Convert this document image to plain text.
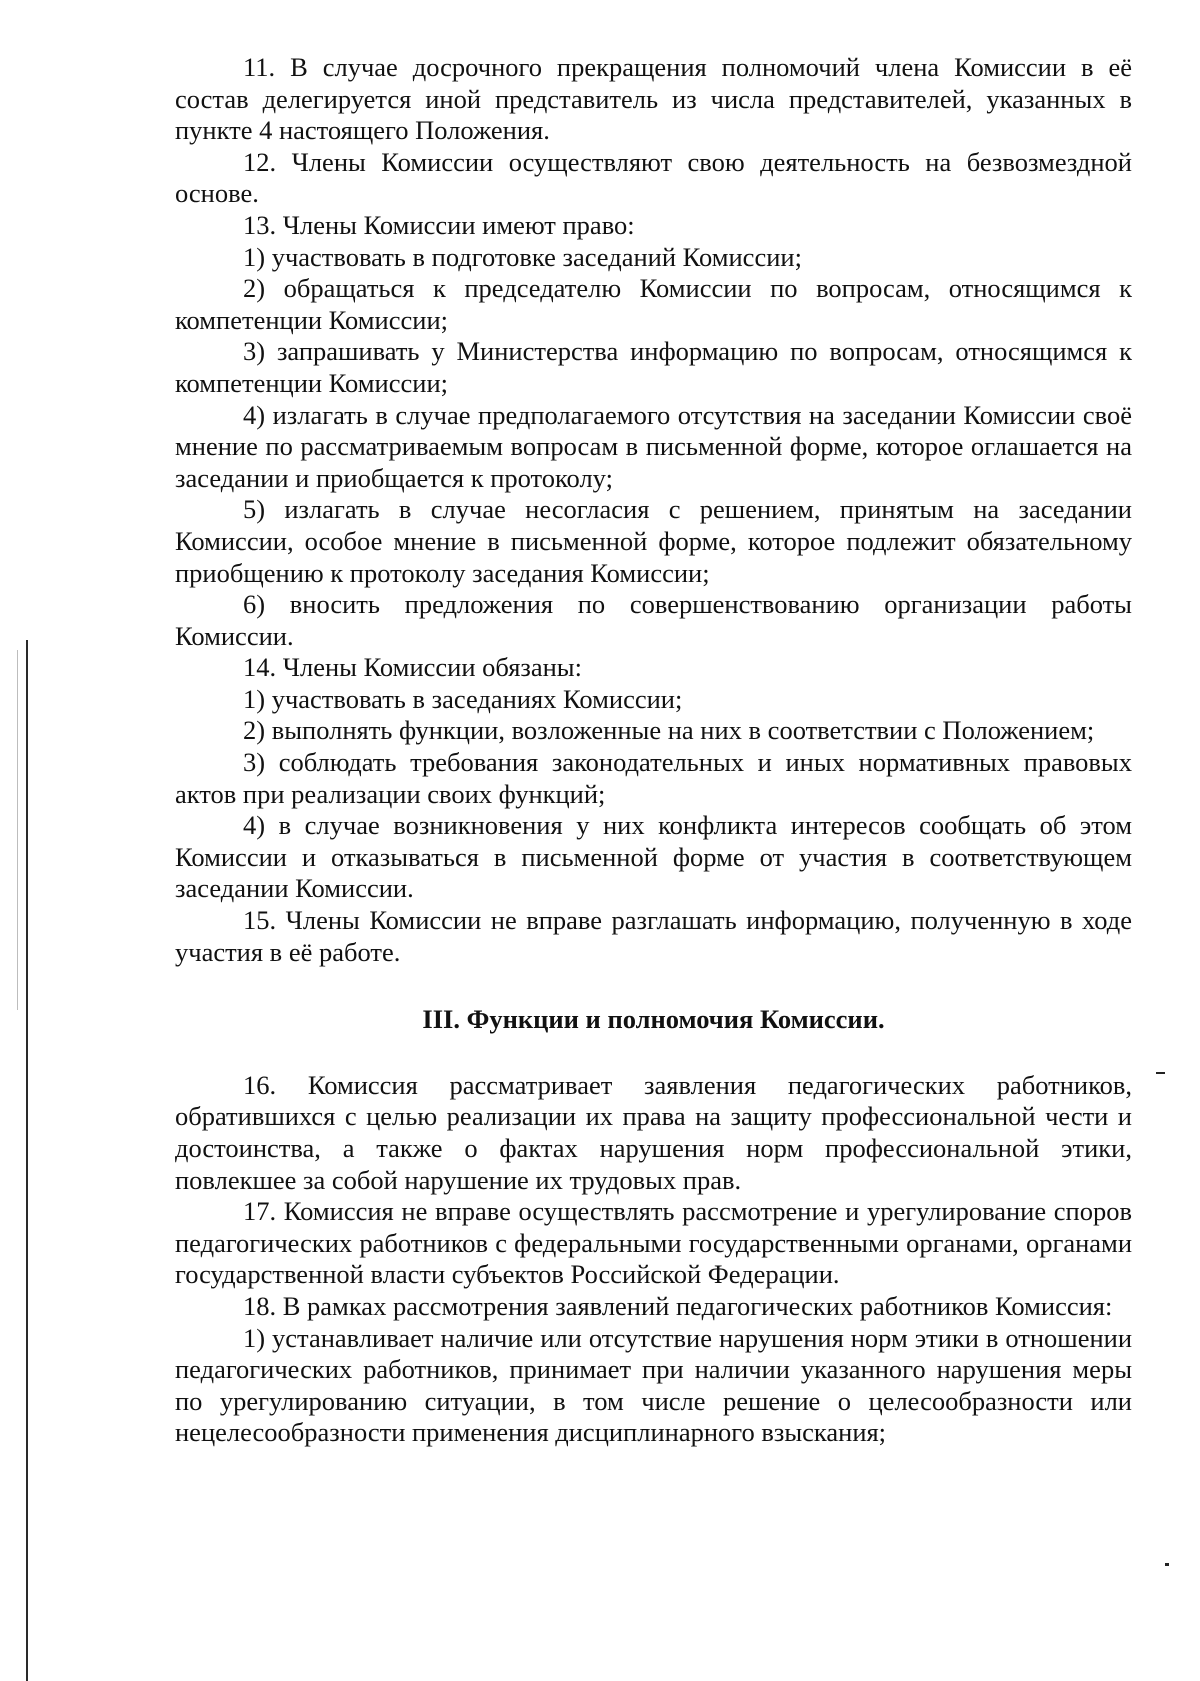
11. В случае досрочного прекращения полномочий члена Комиссии в её состав делегируется иной представитель из числа представителей, указанных в пункте 4 настоящего Положения.

12. Члены Комиссии осуществляют свою деятельность на безвозмездной основе.

13. Члены Комиссии имеют право:

1) участвовать в подготовке заседаний Комиссии;

2) обращаться к председателю Комиссии по вопросам, относящимся к компетенции Комиссии;

3) запрашивать у Министерства информацию по вопросам, относящимся к компетенции Комиссии;

4) излагать в случае предполагаемого отсутствия на заседании Комиссии своё мнение по рассматриваемым вопросам в письменной форме, которое оглашается на заседании и приобщается к протоколу;

5) излагать в случае несогласия с решением, принятым на заседании Комиссии, особое мнение в письменной форме, которое подлежит обязательному приобщению к протоколу заседания Комиссии;

6) вносить предложения по совершенствованию организации работы Комиссии.

14. Члены Комиссии обязаны:

1) участвовать в заседаниях Комиссии;

2) выполнять функции, возложенные на них в соответствии с Положением;

3) соблюдать требования законодательных и иных нормативных правовых актов при реализации своих функций;

4) в случае возникновения у них конфликта интересов сообщать об этом Комиссии и отказываться в письменной форме от участия в соответствующем заседании Комиссии.

15. Члены Комиссии не вправе разглашать информацию, полученную в ходе участия в её работе.

III. Функции и полномочия Комиссии.

16. Комиссия рассматривает заявления педагогических работников, обратившихся с целью реализации их права на защиту профессиональной чести и достоинства, а также о фактах нарушения норм профессиональной этики, повлекшее за собой нарушение их трудовых прав.

17. Комиссия не вправе осуществлять рассмотрение и урегулирование споров педагогических работников с федеральными государственными органами, органами государственной власти субъектов Российской Федерации.

18. В рамках рассмотрения заявлений педагогических работников Комиссия:

1) устанавливает наличие или отсутствие нарушения норм этики в отношении педагогических работников, принимает при наличии указанного нарушения меры по урегулированию ситуации, в том числе решение о целесообразности или нецелесообразности применения дисциплинарного взыскания;
